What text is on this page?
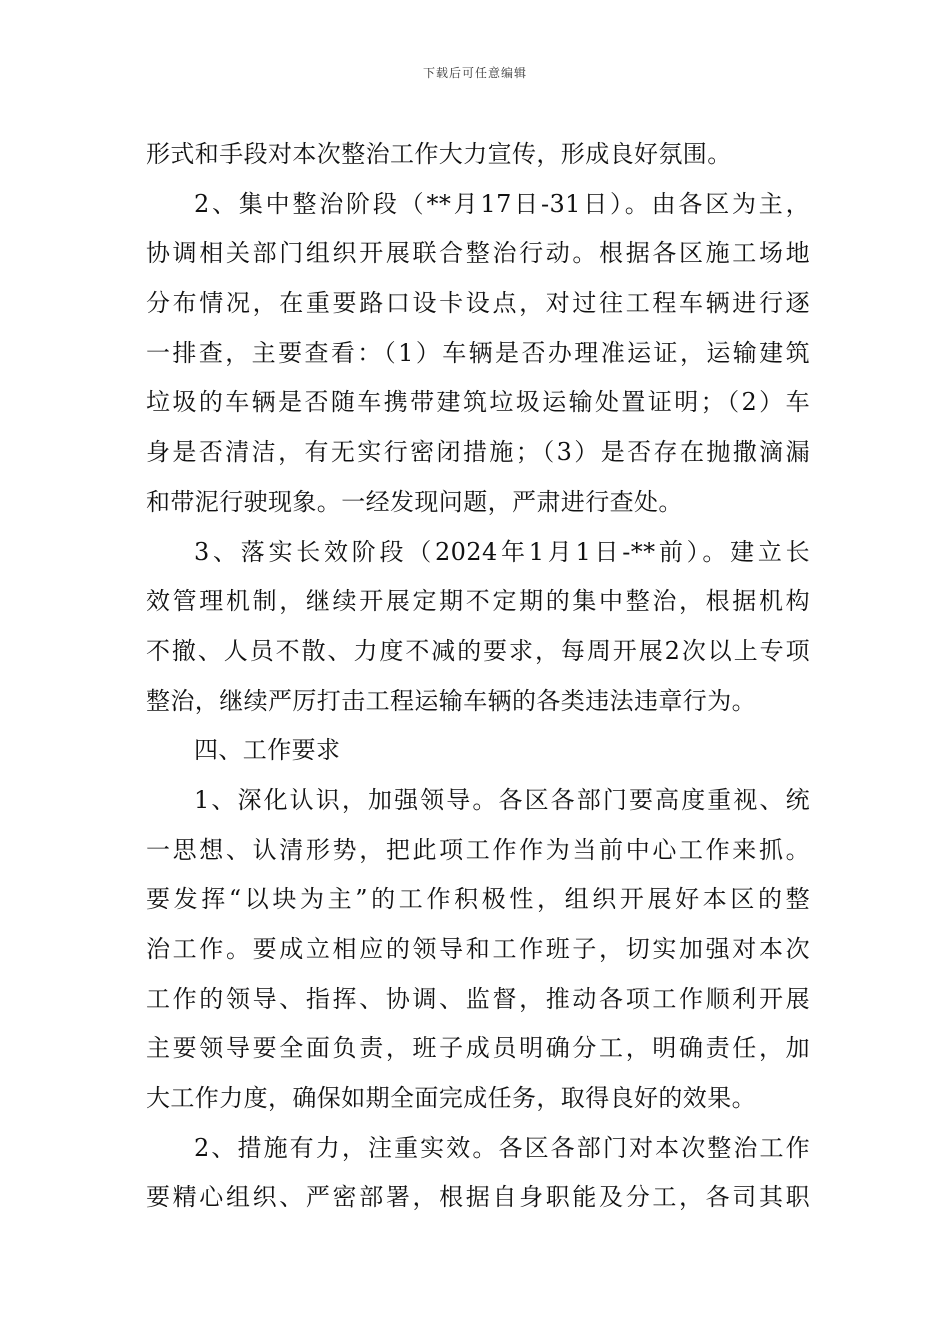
下载后可任意编辑
形式和手段对本次整治工作大力宣传，形成良好氛围。
2、集中整治阶段（**月17日-31日）。由各区为主，
协调相关部门组织开展联合整治行动。根据各区施工场地
分布情况，在重要路口设卡设点，对过往工程车辆进行逐
一排查，主要查看：（1）车辆是否办理准运证，运输建筑
垃圾的车辆是否随车携带建筑垃圾运输处置证明；（2）车
身是否清洁，有无实行密闭措施；（3）是否存在抛撒滴漏
和带泥行驶现象。一经发现问题，严肃进行查处。
3、落实长效阶段（2024年1月1日-**前）。建立长
效管理机制，继续开展定期不定期的集中整治，根据机构
不撤、人员不散、力度不减的要求，每周开展2次以上专项
整治，继续严厉打击工程运输车辆的各类违法违章行为。
四、工作要求
1、深化认识，加强领导。各区各部门要高度重视、统
一思想、认清形势，把此项工作作为当前中心工作来抓。
要发挥“以块为主”的工作积极性，组织开展好本区的整
治工作。要成立相应的领导和工作班子，切实加强对本次
工作的领导、指挥、协调、监督，推动各项工作顺利开展
主要领导要全面负责，班子成员明确分工，明确责任，加
大工作力度，确保如期全面完成任务，取得良好的效果。
2、措施有力，注重实效。各区各部门对本次整治工作
要精心组织、严密部署，根据自身职能及分工，各司其职
